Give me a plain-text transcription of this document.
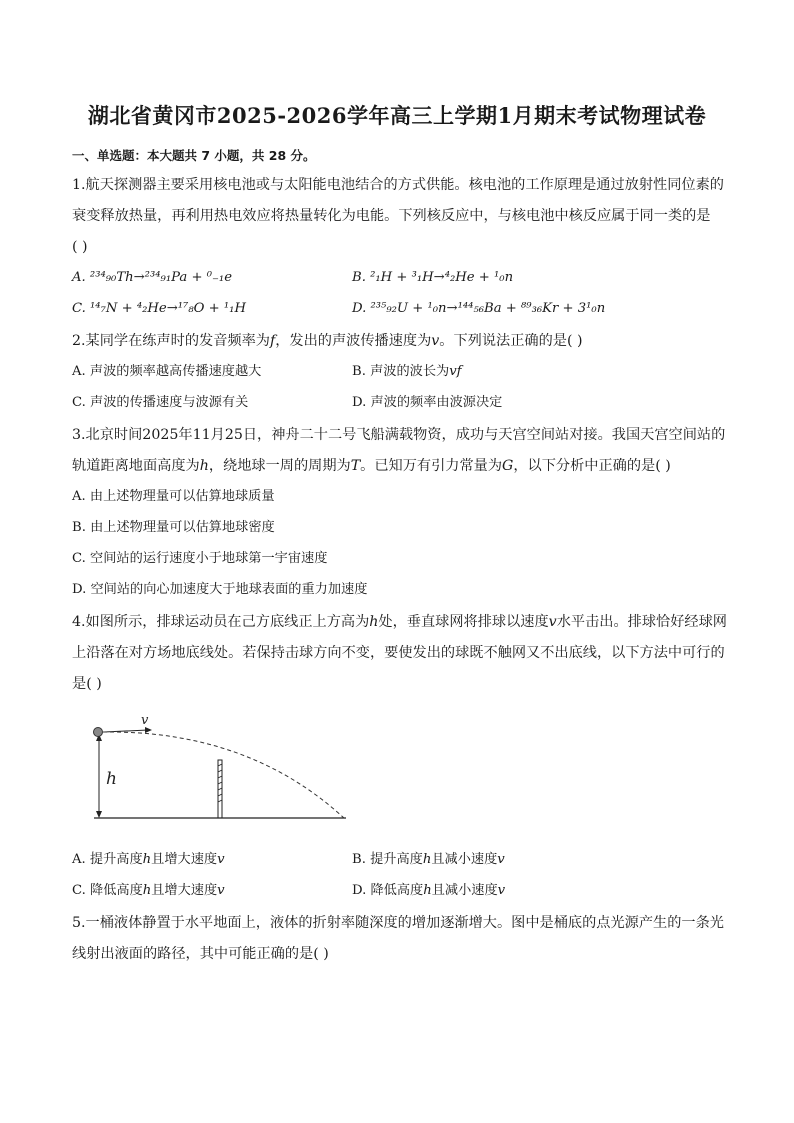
湖北省黄冈市2025-2026学年高三上学期1月期末考试物理试卷
一、单选题：本大题共 7 小题，共 28 分。
1.航天探测器主要采用核电池或与太阳能电池结合的方式供能。核电池的工作原理是通过放射性同位素的
衰变释放热量，再利用热电效应将热量转化为电能。下列核反应中，与核电池中核反应属于同一类的是
( )
A. ²³⁴₉₀Th→²³⁴₉₁Pa + ⁰₋₁e	B. ²₁H + ³₁H→⁴₂He + ¹₀n
C. ¹⁴₇N + ⁴₂He→¹⁷₈O + ¹₁H	D. ²³⁵₉₂U + ¹₀n→¹⁴⁴₅₆Ba + ⁸⁹₃₆Kr + 3¹₀n
2.某同学在练声时的发音频率为𝑓，发出的声波传播速度为𝑣。下列说法正确的是( )
A. 声波的频率越高传播速度越大	B. 声波的波长为𝑣𝑓
C. 声波的传播速度与波源有关	D. 声波的频率由波源决定
3.北京时间2025年11月25日，神舟二十二号飞船满载物资，成功与天宫空间站对接。我国天宫空间站的
轨道距离地面高度为ℎ，绕地球一周的周期为𝑇。已知万有引力常量为𝐺，以下分析中正确的是( )
A. 由上述物理量可以估算地球质量
B. 由上述物理量可以估算地球密度
C. 空间站的运行速度小于地球第一宇宙速度
D. 空间站的向心加速度大于地球表面的重力加速度
4.如图所示，排球运动员在己方底线正上方高为ℎ处，垂直球网将排球以速度𝑣水平击出。排球恰好经球网
上沿落在对方场地底线处。若保持击球方向不变，要使发出的球既不触网又不出底线，以下方法中可行的
是( )
h
v
A. 提升高度ℎ且增大速度𝑣	B. 提升高度ℎ且减小速度𝑣
C. 降低高度ℎ且增大速度𝑣	D. 降低高度ℎ且减小速度𝑣
5.一桶液体静置于水平地面上，液体的折射率随深度的增加逐渐增大。图中是桶底的点光源产生的一条光
线射出液面的路径，其中可能正确的是( )
